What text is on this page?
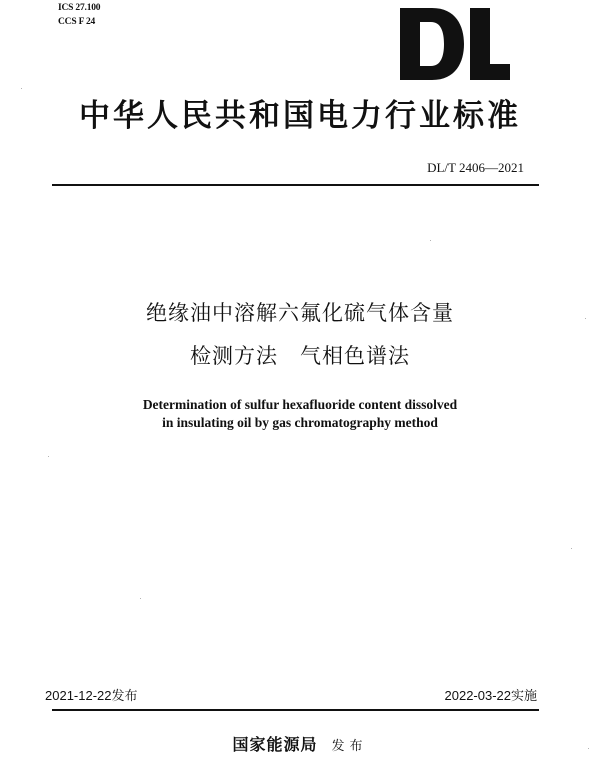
ICS 27.100
CCS F 24
中华人民共和国电力行业标准
DL/T 2406—2021
绝缘油中溶解六氟化硫气体含量
检测方法 气相色谱法
Determination of sulfur hexafluoride content dissolved
in insulating oil by gas chromatography method
2021-12-22发布	2022-03-22实施
国家能源局 发布
